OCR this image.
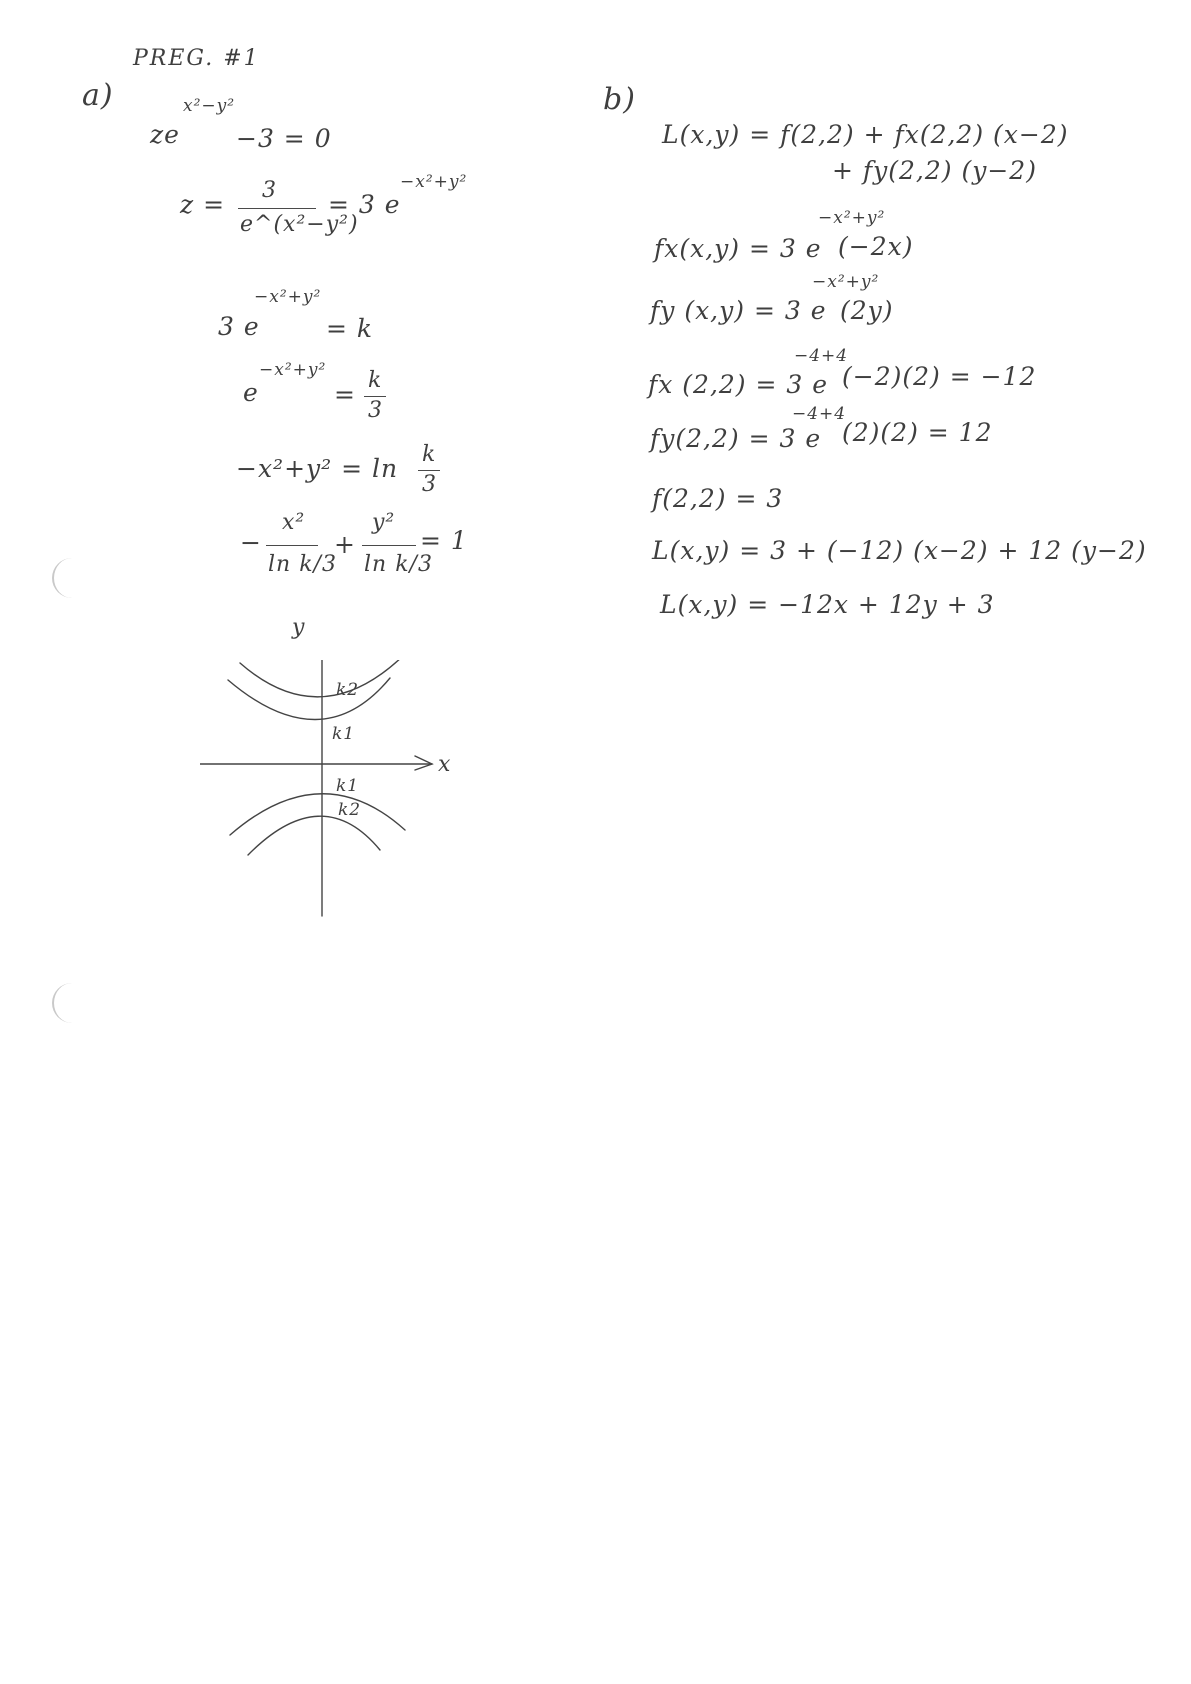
PREG. #1
a)
ze
x²−y²
−3 = 0
z = 3
e^(x²−y²)
= 3 e
−x²+y²
3 e
−x²+y²
= k
e
−x²+y²
= k
3
−x²+y² = ln k
3
−
x²
ln k/3
+
y²
ln k/3
= 1
y
x
k2
k1
k1
k2
b)
L(x,y) = f(2,2) + fx(2,2) (x−2)
+ fy(2,2) (y−2)
fx(x,y) = 3 e
−x²+y²
(−2x)
fy (x,y) = 3 e
−x²+y²
(2y)
fx (2,2) = 3 e
−4+4
(−2)(2) = −12
fy(2,2) = 3 e
−4+4
(2)(2) = 12
f(2,2) = 3
L(x,y) = 3 + (−12) (x−2) + 12 (y−2)
L(x,y) = −12x + 12y + 3
